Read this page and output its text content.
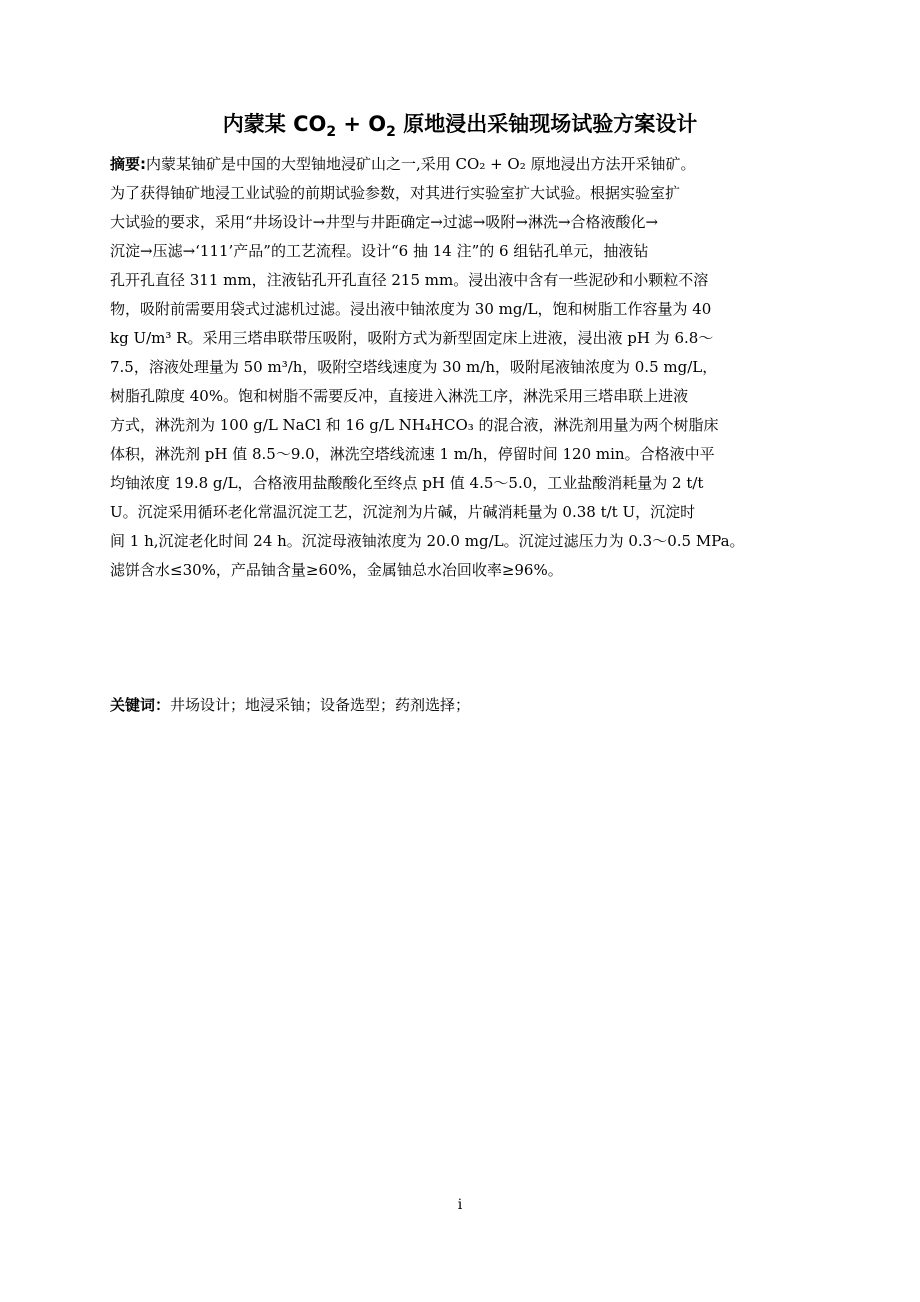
内蒙某 $CO_2 + O_2$ 原地浸出采铀现场试验方案设计
摘要:内蒙某铀矿是中国的大型铀地浸矿山之一,采用 CO₂ + O₂ 原地浸出方法开采铀矿。
为了获得铀矿地浸工业试验的前期试验参数，对其进行实验室扩大试验。根据实验室扩
大试验的要求，采用“井场设计→井型与井距确定→过滤→吸附→淋洗→合格液酸化→
沉淀→压滤→‘111’产品”的工艺流程。设计“6 抽 14 注”的 6 组钻孔单元，抽液钻
孔开孔直径 311 mm，注液钻孔开孔直径 215 mm。浸出液中含有一些泥砂和小颗粒不溶
物，吸附前需要用袋式过滤机过滤。浸出液中铀浓度为 30 mg/L，饱和树脂工作容量为 40
kg U/m³ R。采用三塔串联带压吸附，吸附方式为新型固定床上进液，浸出液 pH 为 6.8～
7.5，溶液处理量为 50 m³/h，吸附空塔线速度为 30 m/h，吸附尾液铀浓度为 0.5 mg/L，
树脂孔隙度 40%。饱和树脂不需要反冲，直接进入淋洗工序，淋洗采用三塔串联上进液
方式，淋洗剂为 100 g/L NaCl 和 16 g/L NH₄HCO₃ 的混合液，淋洗剂用量为两个树脂床
体积，淋洗剂 pH 值 8.5～9.0，淋洗空塔线流速 1 m/h，停留时间 120 min。合格液中平
均铀浓度 19.8 g/L，合格液用盐酸酸化至终点 pH 值 4.5～5.0，工业盐酸消耗量为 2 t/t
U。沉淀采用循环老化常温沉淀工艺，沉淀剂为片碱，片碱消耗量为 0.38 t/t U，沉淀时
间 1 h,沉淀老化时间 24 h。沉淀母液铀浓度为 20.0 mg/L。沉淀过滤压力为 0.3～0.5 MPa。
滤饼含水≤30%，产品铀含量≥60%，金属铀总水冶回收率≥96%。
关键词：井场设计；地浸采铀；设备选型；药剂选择；
i
